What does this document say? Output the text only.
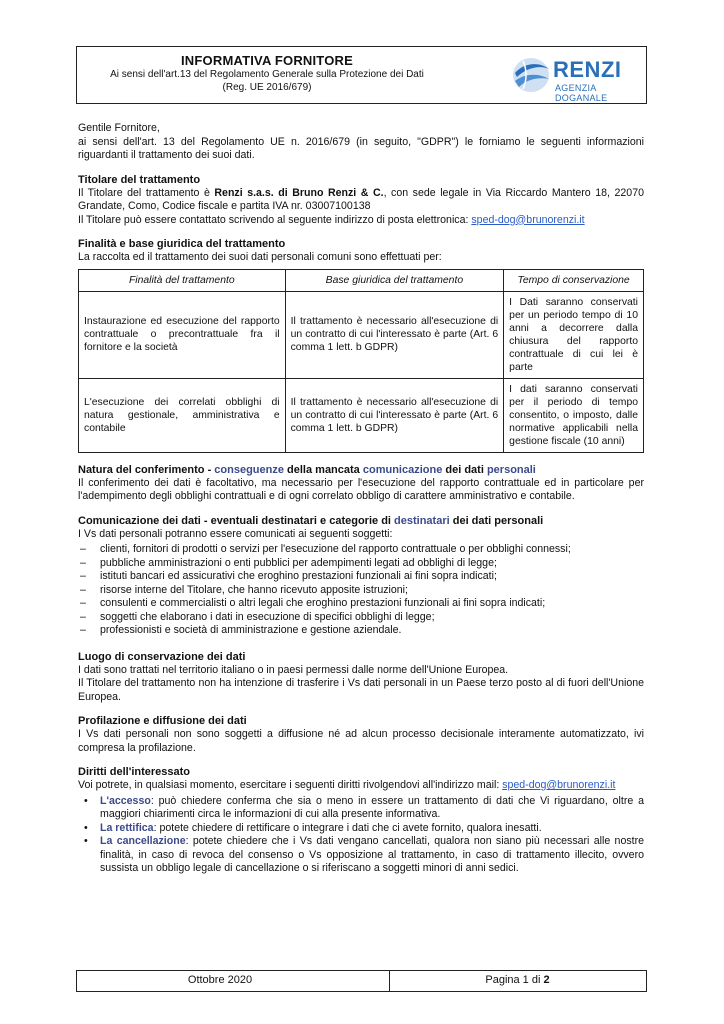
INFORMATIVA FORNITORE
Ai sensi dell'art.13 del Regolamento Generale sulla Protezione dei Dati
(Reg. UE 2016/679)
RENZI
AGENZIA DOGANALE

Gentile Fornitore,

ai sensi dell'art. 13 del Regolamento UE n. 2016/679 (in seguito, "GDPR") le forniamo le seguenti informazioni riguardanti il trattamento dei suoi dati.

Titolare del trattamento

Il Titolare del trattamento è Renzi s.a.s. di Bruno Renzi & C., con sede legale in Via Riccardo Mantero 18, 22070 Grandate, Como, Codice fiscale e partita IVA nr. 03007100138

Il Titolare può essere contattato scrivendo al seguente indirizzo di posta elettronica: sped-dog@brunorenzi.it

Finalità e base giuridica del trattamento

La raccolta ed il trattamento dei suoi dati personali comuni sono effettuati per:

Finalità del trattamento	Base giuridica del trattamento	Tempo di conservazione
Instaurazione ed esecuzione del rapporto contrattuale o precontrattuale fra il fornitore e la società	Il trattamento è necessario all'esecuzione di un contratto di cui l'interessato è parte (Art. 6 comma 1 lett. b GDPR)	I Dati saranno conservati per un periodo tempo di 10 anni a decorrere dalla chiusura del rapporto contrattuale di cui lei è parte
L'esecuzione dei correlati obblighi di natura gestionale, amministrativa e contabile	Il trattamento è necessario all'esecuzione di un contratto di cui l'interessato è parte (Art. 6 comma 1 lett. b GDPR)	I dati saranno conservati per il periodo di tempo consentito, o imposto, dalle normative applicabili nella gestione fiscale (10 anni)
Natura del conferimento - conseguenze della mancata comunicazione dei dati personali

Il conferimento dei dati è facoltativo, ma necessario per l'esecuzione del rapporto contrattuale ed in particolare per l'adempimento degli obblighi contrattuali e di ogni correlato obbligo di carattere amministrativo e contabile.

Comunicazione dei dati - eventuali destinatari e categorie di destinatari dei dati personali

I Vs dati personali potranno essere comunicati ai seguenti soggetti:

– clienti, fornitori di prodotti o servizi per l'esecuzione del rapporto contrattuale o per obblighi connessi;
– pubbliche amministrazioni o enti pubblici per adempimenti legati ad obblighi di legge;
– istituti bancari ed assicurativi che eroghino prestazioni funzionali ai fini sopra indicati;
– risorse interne del Titolare, che hanno ricevuto apposite istruzioni;
– consulenti e commercialisti o altri legali che eroghino prestazioni funzionali ai fini sopra indicati;
– soggetti che elaborano i dati in esecuzione di specifici obblighi di legge;
– professionisti e società di amministrazione e gestione aziendale.
Luogo di conservazione dei dati

I dati sono trattati nel territorio italiano o in paesi permessi dalle norme dell'Unione Europea.

Il Titolare del trattamento non ha intenzione di trasferire i Vs dati personali in un Paese terzo posto al di fuori dell'Unione Europea.

Profilazione e diffusione dei dati

I Vs dati personali non sono soggetti a diffusione né ad alcun processo decisionale interamente automatizzato, ivi compresa la profilazione.

Diritti dell'interessato

Voi potrete, in qualsiasi momento, esercitare i seguenti diritti rivolgendovi all'indirizzo mail: sped-dog@brunorenzi.it

• L'accesso: può chiedere conferma che sia o meno in essere un trattamento di dati che Vi riguardano, oltre a maggiori chiarimenti circa le informazioni di cui alla presente informativa.
• La rettifica: potete chiedere di rettificare o integrare i dati che ci avete fornito, qualora inesatti.
• La cancellazione: potete chiedere che i Vs dati vengano cancellati, qualora non siano più necessari alle nostre finalità, in caso di revoca del consenso o Vs opposizione al trattamento, in caso di trattamento illecito, ovvero sussista un obbligo legale di cancellazione o si riferiscano a soggetti minori di anni sedici.
Ottobre 2020	Pagina 1 di 2
